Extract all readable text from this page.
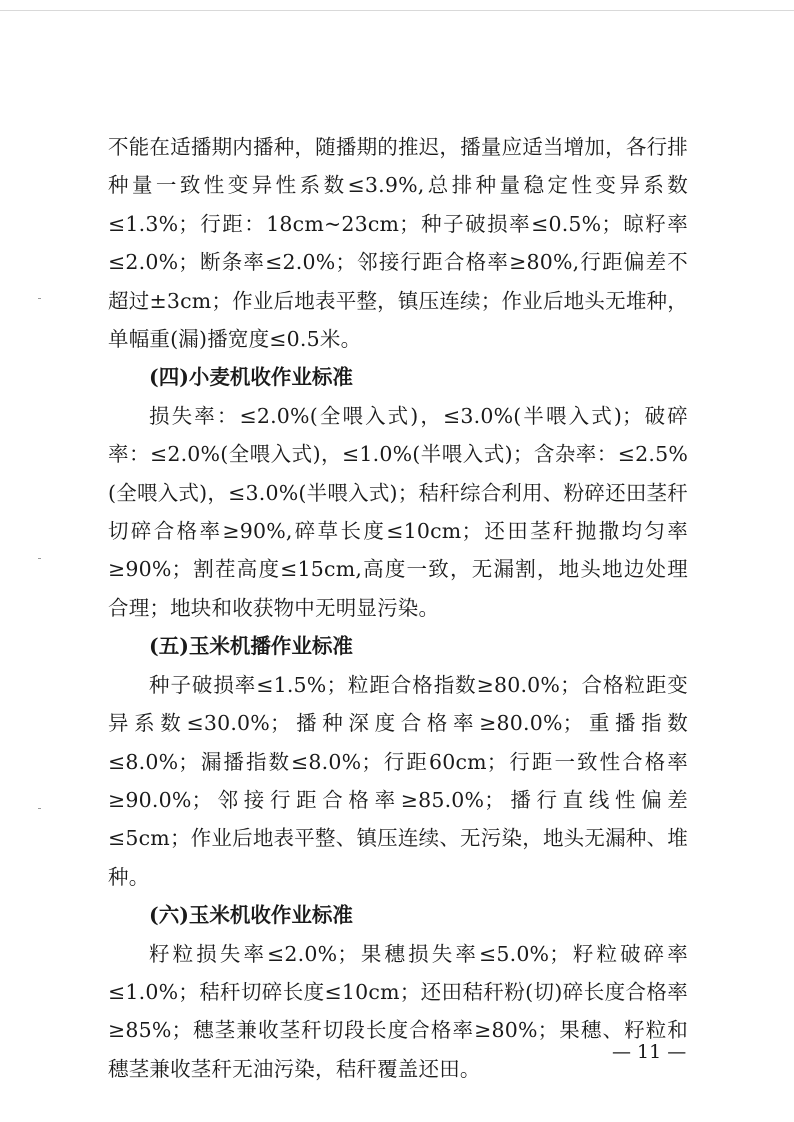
不能在适播期内播种，随播期的推迟，播量应适当增加，各行排种量一致性变异性系数≤3.9%,总排种量稳定性变异系数≤1.3%；行距：18cm~23cm；种子破损率≤0.5%；晾籽率≤2.0%；断条率≤2.0%；邻接行距合格率≥80%,行距偏差不超过±3cm；作业后地表平整，镇压连续；作业后地头无堆种，单幅重(漏)播宽度≤0.5米。

(四)小麦机收作业标准

损失率：≤2.0%(全喂入式)，≤3.0%(半喂入式)；破碎率：≤2.0%(全喂入式)，≤1.0%(半喂入式)；含杂率：≤2.5%(全喂入式)，≤3.0%(半喂入式)；秸秆综合利用、粉碎还田茎秆切碎合格率≥90%,碎草长度≤10cm；还田茎秆抛撒均匀率≥90%；割茬高度≤15cm,高度一致，无漏割，地头地边处理合理；地块和收获物中无明显污染。

(五)玉米机播作业标准

种子破损率≤1.5%；粒距合格指数≥80.0%；合格粒距变异系数≤30.0%；播种深度合格率≥80.0%；重播指数≤8.0%；漏播指数≤8.0%；行距60cm；行距一致性合格率≥90.0%；邻接行距合格率≥85.0%；播行直线性偏差≤5cm；作业后地表平整、镇压连续、无污染，地头无漏种、堆种。

(六)玉米机收作业标准

籽粒损失率≤2.0%；果穗损失率≤5.0%；籽粒破碎率≤1.0%；秸秆切碎长度≤10cm；还田秸秆粉(切)碎长度合格率≥85%；穗茎兼收茎秆切段长度合格率≥80%；果穗、籽粒和穗茎兼收茎秆无油污染，秸秆覆盖还田。

— 11 —
